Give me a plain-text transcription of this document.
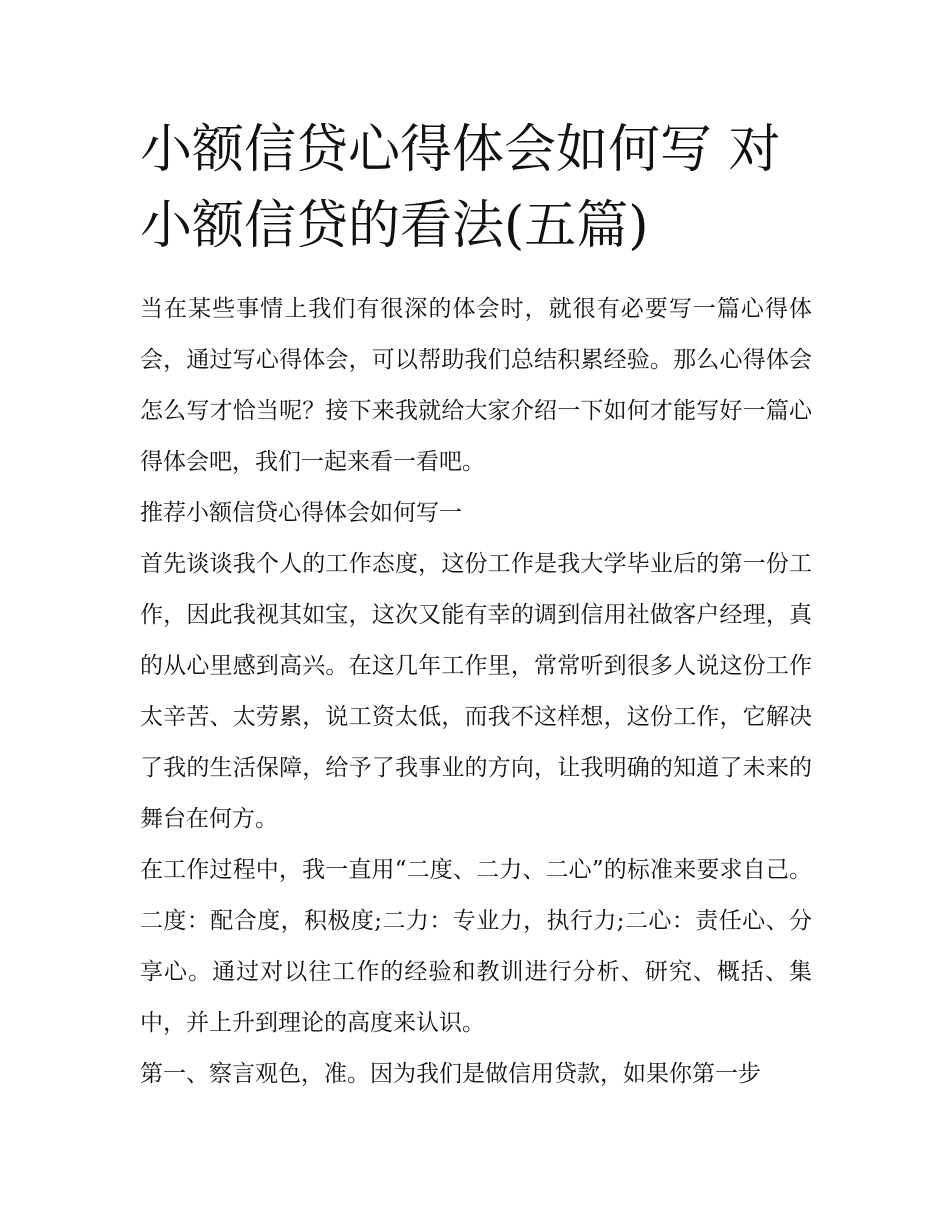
小额信贷心得体会如何写 对小额信贷的看法(五篇)

当在某些事情上我们有很深的体会时，就很有必要写一篇心得体会，通过写心得体会，可以帮助我们总结积累经验。那么心得体会怎么写才恰当呢？接下来我就给大家介绍一下如何才能写好一篇心得体会吧，我们一起来看一看吧。

推荐小额信贷心得体会如何写一

首先谈谈我个人的工作态度，这份工作是我大学毕业后的第一份工作，因此我视其如宝，这次又能有幸的调到信用社做客户经理，真的从心里感到高兴。在这几年工作里，常常听到很多人说这份工作太辛苦、太劳累，说工资太低，而我不这样想，这份工作，它解决了我的生活保障，给予了我事业的方向，让我明确的知道了未来的舞台在何方。

在工作过程中，我一直用“二度、二力、二心”的标准来要求自己。二度：配合度，积极度;二力：专业力，执行力;二心：责任心、分享心。通过对以往工作的经验和教训进行分析、研究、概括、集中，并上升到理论的高度来认识。

第一、察言观色，准。因为我们是做信用贷款，如果你第一步
